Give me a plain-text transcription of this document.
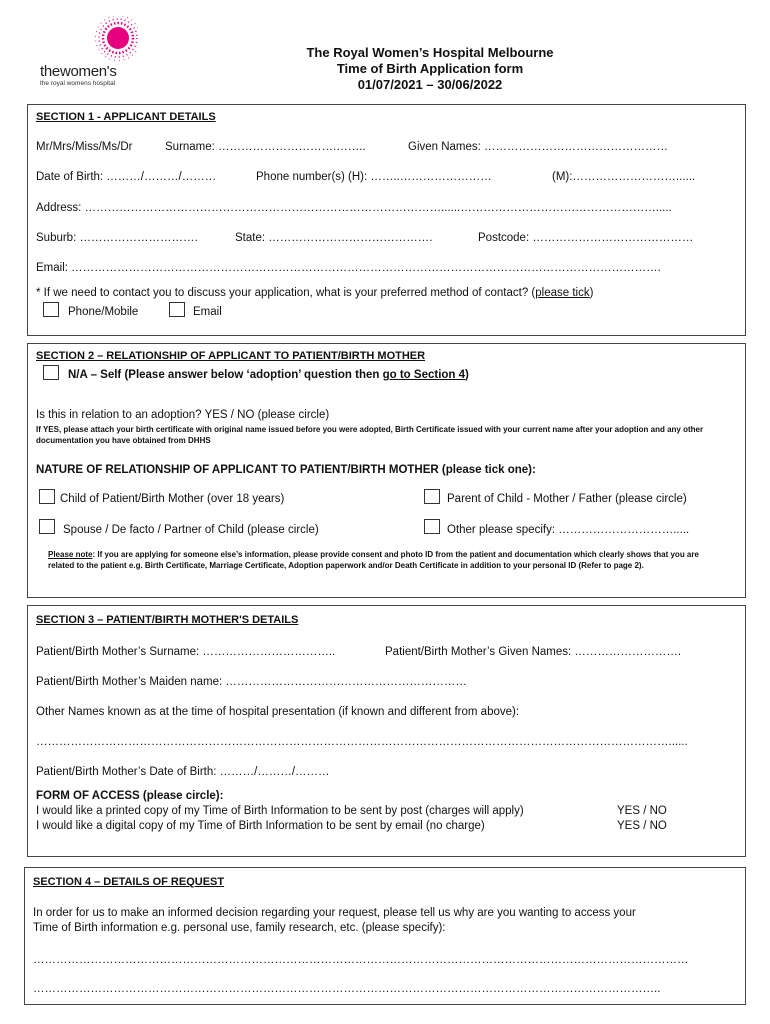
thewomen's
the royal womens hospital
The Royal Women’s Hospital Melbourne
Time of Birth Application form
01/07/2021 – 30/06/2022
SECTION 1 - APPLICANT DETAILS
Mr/Mrs/Miss/Ms/Dr	Surname: ………………………….……..	Given Names: …………………………………………
Date of Birth: ………/………/………	Phone number(s) (H): ……..……………………	(M):………………………......
Address: …………………………………………………………………………………......…………………………………………….....
Suburb: ………………………….	State: …………………………………….	Postcode: ……………………………………
Email: ……………………………………………………………………………………………………………………………………….
* If we need to contact you to discuss your application, what is your preferred method of contact? (please tick)
Phone/Mobile	Email
SECTION 2 – RELATIONSHIP OF APPLICANT TO PATIENT/BIRTH MOTHER
N/A – Self (Please answer below ‘adoption’ question then go to Section 4)
Is this in relation to an adoption? YES / NO (please circle)
If YES, please attach your birth certificate with original name issued before you were adopted, Birth Certificate issued with your current name after your adoption and any other documentation you have obtained from DHHS
NATURE OF RELATIONSHIP OF APPLICANT TO PATIENT/BIRTH MOTHER (please tick one):
Child of Patient/Birth Mother (over 18 years)	Parent of Child - Mother / Father (please circle)
Spouse / De facto / Partner of Child (please circle)	Other please specify: ………………………….....
Please note: If you are applying for someone else’s information, please provide consent and photo ID from the patient and documentation which clearly shows that you are related to the patient e.g. Birth Certificate, Marriage Certificate, Adoption paperwork and/or Death Certificate in addition to your personal ID (Refer to page 2).
SECTION 3 – PATIENT/BIRTH MOTHER'S DETAILS
Patient/Birth Mother’s Surname: ……………………………..	Patient/Birth Mother’s Given Names: ……………………….
Patient/Birth Mother’s Maiden name: ………………………………………………………
Other Names known as at the time of hospital presentation (if known and different from above):
…………………………………………………………………………………………………………………………………………………......
Patient/Birth Mother’s Date of Birth: ………/………/………
FORM OF ACCESS (please circle):
I would like a printed copy of my Time of Birth Information to be sent by post (charges will apply)	YES / NO
I would like a digital copy of my Time of Birth Information to be sent by email (no charge)	YES / NO
SECTION 4 – DETAILS OF REQUEST
In order for us to make an informed decision regarding your request, please tell us why are you wanting to access your
Time of Birth information e.g. personal use, family research, etc. (please specify):
………………………………………………………………………………………………………………………………………………………
………………………………………………………………………………………………………………………………………………..
